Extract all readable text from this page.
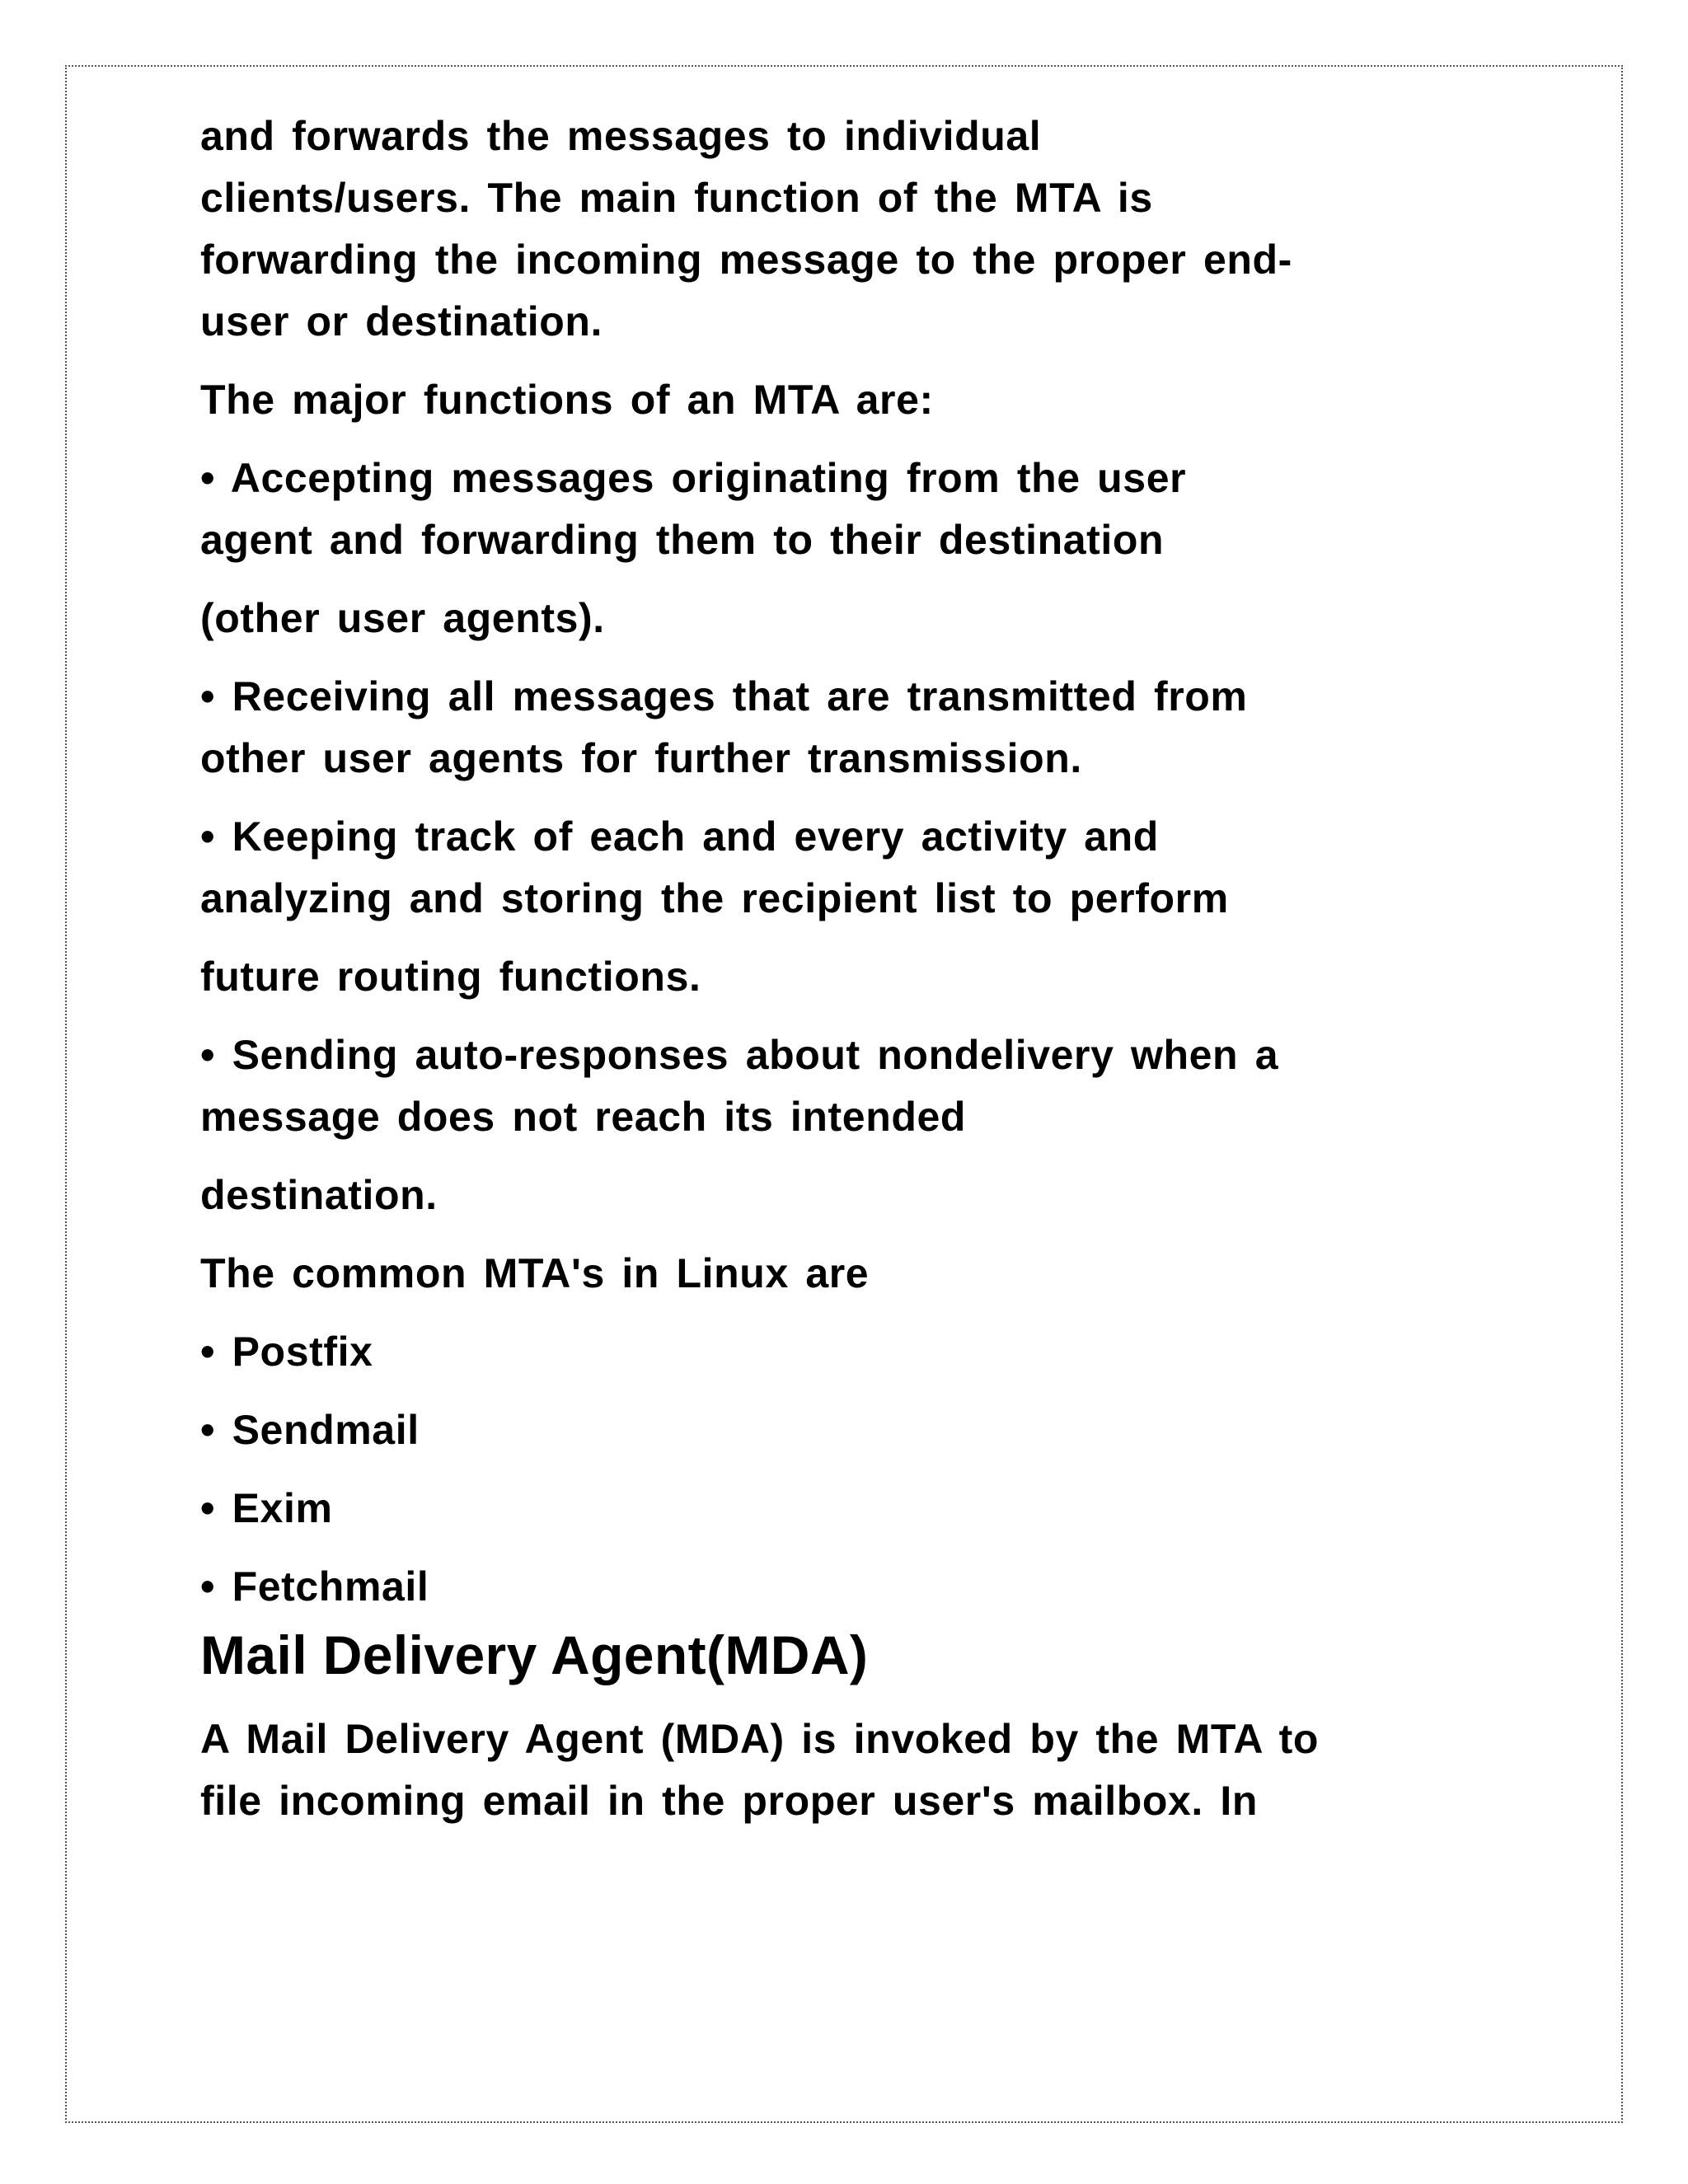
and forwards the messages to individual
clients/users. The main function of the MTA is
forwarding the incoming message to the proper end-
user or destination.

The major functions of an MTA are:

• Accepting messages originating from the user
agent and forwarding them to their destination

(other user agents).

• Receiving all messages that are transmitted from
other user agents for further transmission.

• Keeping track of each and every activity and
analyzing and storing the recipient list to perform

future routing functions.

• Sending auto-responses about nondelivery when a
message does not reach its intended

destination.

The common MTA's in Linux are

• Postfix

• Sendmail

• Exim

• Fetchmail

Mail Delivery Agent(MDA)

A Mail Delivery Agent (MDA) is invoked by the MTA to
file incoming email in the proper user's mailbox. In
